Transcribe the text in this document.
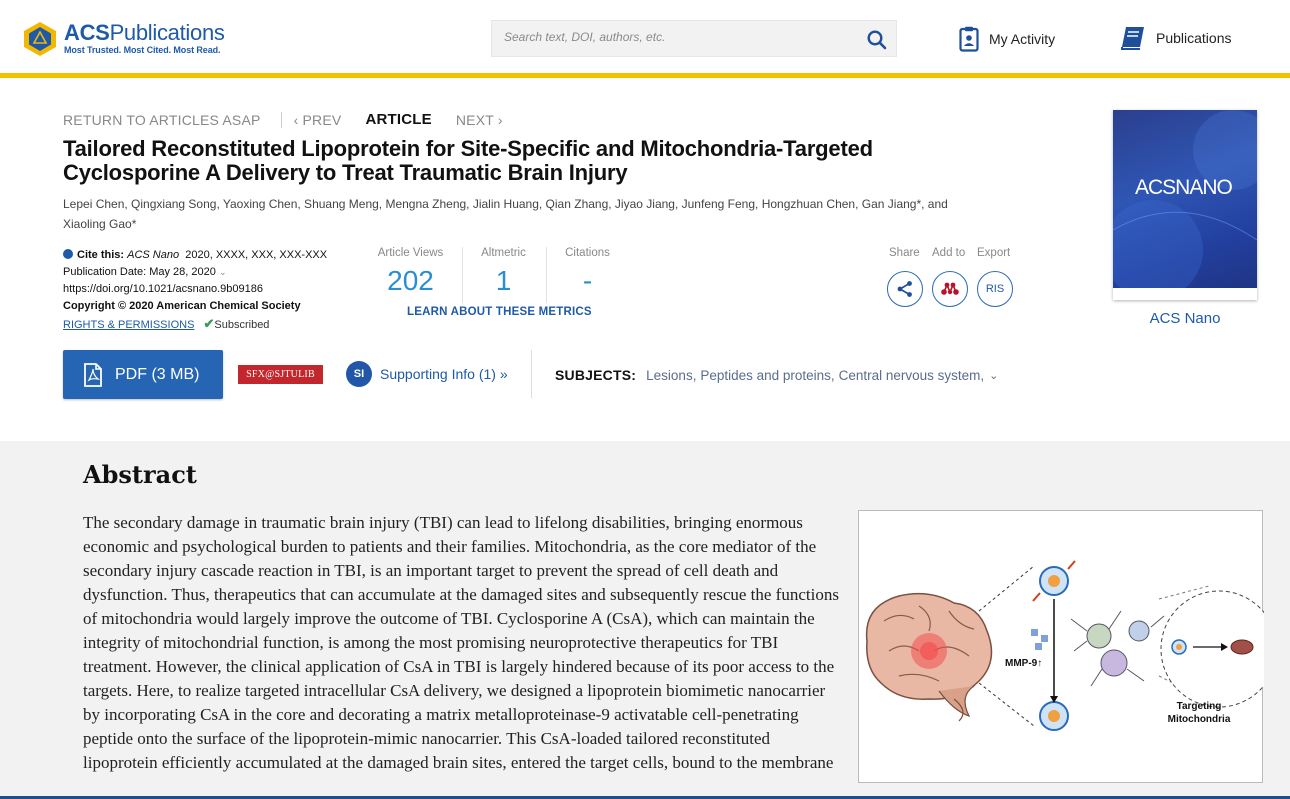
ACSPublications
Most Trusted. Most Cited. Most Read.
Search text, DOI, authors, etc.
My Activity	Publications
RETURN TO ARTICLES ASAP ‹ PREV ARTICLE NEXT ›
Tailored Reconstituted Lipoprotein for Site-Specific and Mitochondria-Targeted Cyclosporine A Delivery to Treat Traumatic Brain Injury
Lepei Chen, Qingxiang Song, Yaoxing Chen, Shuang Meng, Mengna Zheng, Jialin Huang, Qian Zhang, Jiyao Jiang, Junfeng Feng, Hongzhuan Chen, Gan Jiang*, and Xiaoling Gao*
Cite this: ACS Nano 2020, XXXX, XXX, XXX-XXX
Publication Date: May 28, 2020 ⌄
https://doi.org/10.1021/acsnano.9b09186
Copyright © 2020 American Chemical Society
RIGHTS & PERMISSIONS ✔Subscribed
Article Views
202
Altmetric
1
Citations
-
LEARN ABOUT THESE METRICS
Share Add to Export
RIS
ACSNANO
ACS Nano
PDF (3 MB)	SFX@SJTULIB	SI	Supporting Info (1) »	SUBJECTS: Lesions,
Peptides and proteins,
Central nervous system, ⌄
Abstract
The secondary damage in traumatic brain injury (TBI) can lead to lifelong disabilities, bringing enormous economic and psychological burden to patients and their families. Mitochondria, as the core mediator of the secondary injury cascade reaction in TBI, is an important target to prevent the spread of cell death and dysfunction. Thus, therapeutics that can accumulate at the damaged sites and subsequently rescue the functions of mitochondria would largely improve the outcome of TBI. Cyclosporine A (CsA), which can maintain the integrity of mitochondrial function, is among the most promising neuroprotective therapeutics for TBI treatment. However, the clinical application of CsA in TBI is largely hindered because of its poor access to the targets. Here, to realize targeted intracellular CsA delivery, we designed a lipoprotein biomimetic nanocarrier by incorporating CsA in the core and decorating a matrix metalloproteinase-9 activatable cell-penetrating peptide onto the surface of the lipoprotein-mimic nanocarrier. This CsA-loaded tailored reconstituted lipoprotein efficiently accumulated at the damaged brain sites, entered the target cells, bound to the membrane
MMP-9↑
Targeting
Mitochondria
